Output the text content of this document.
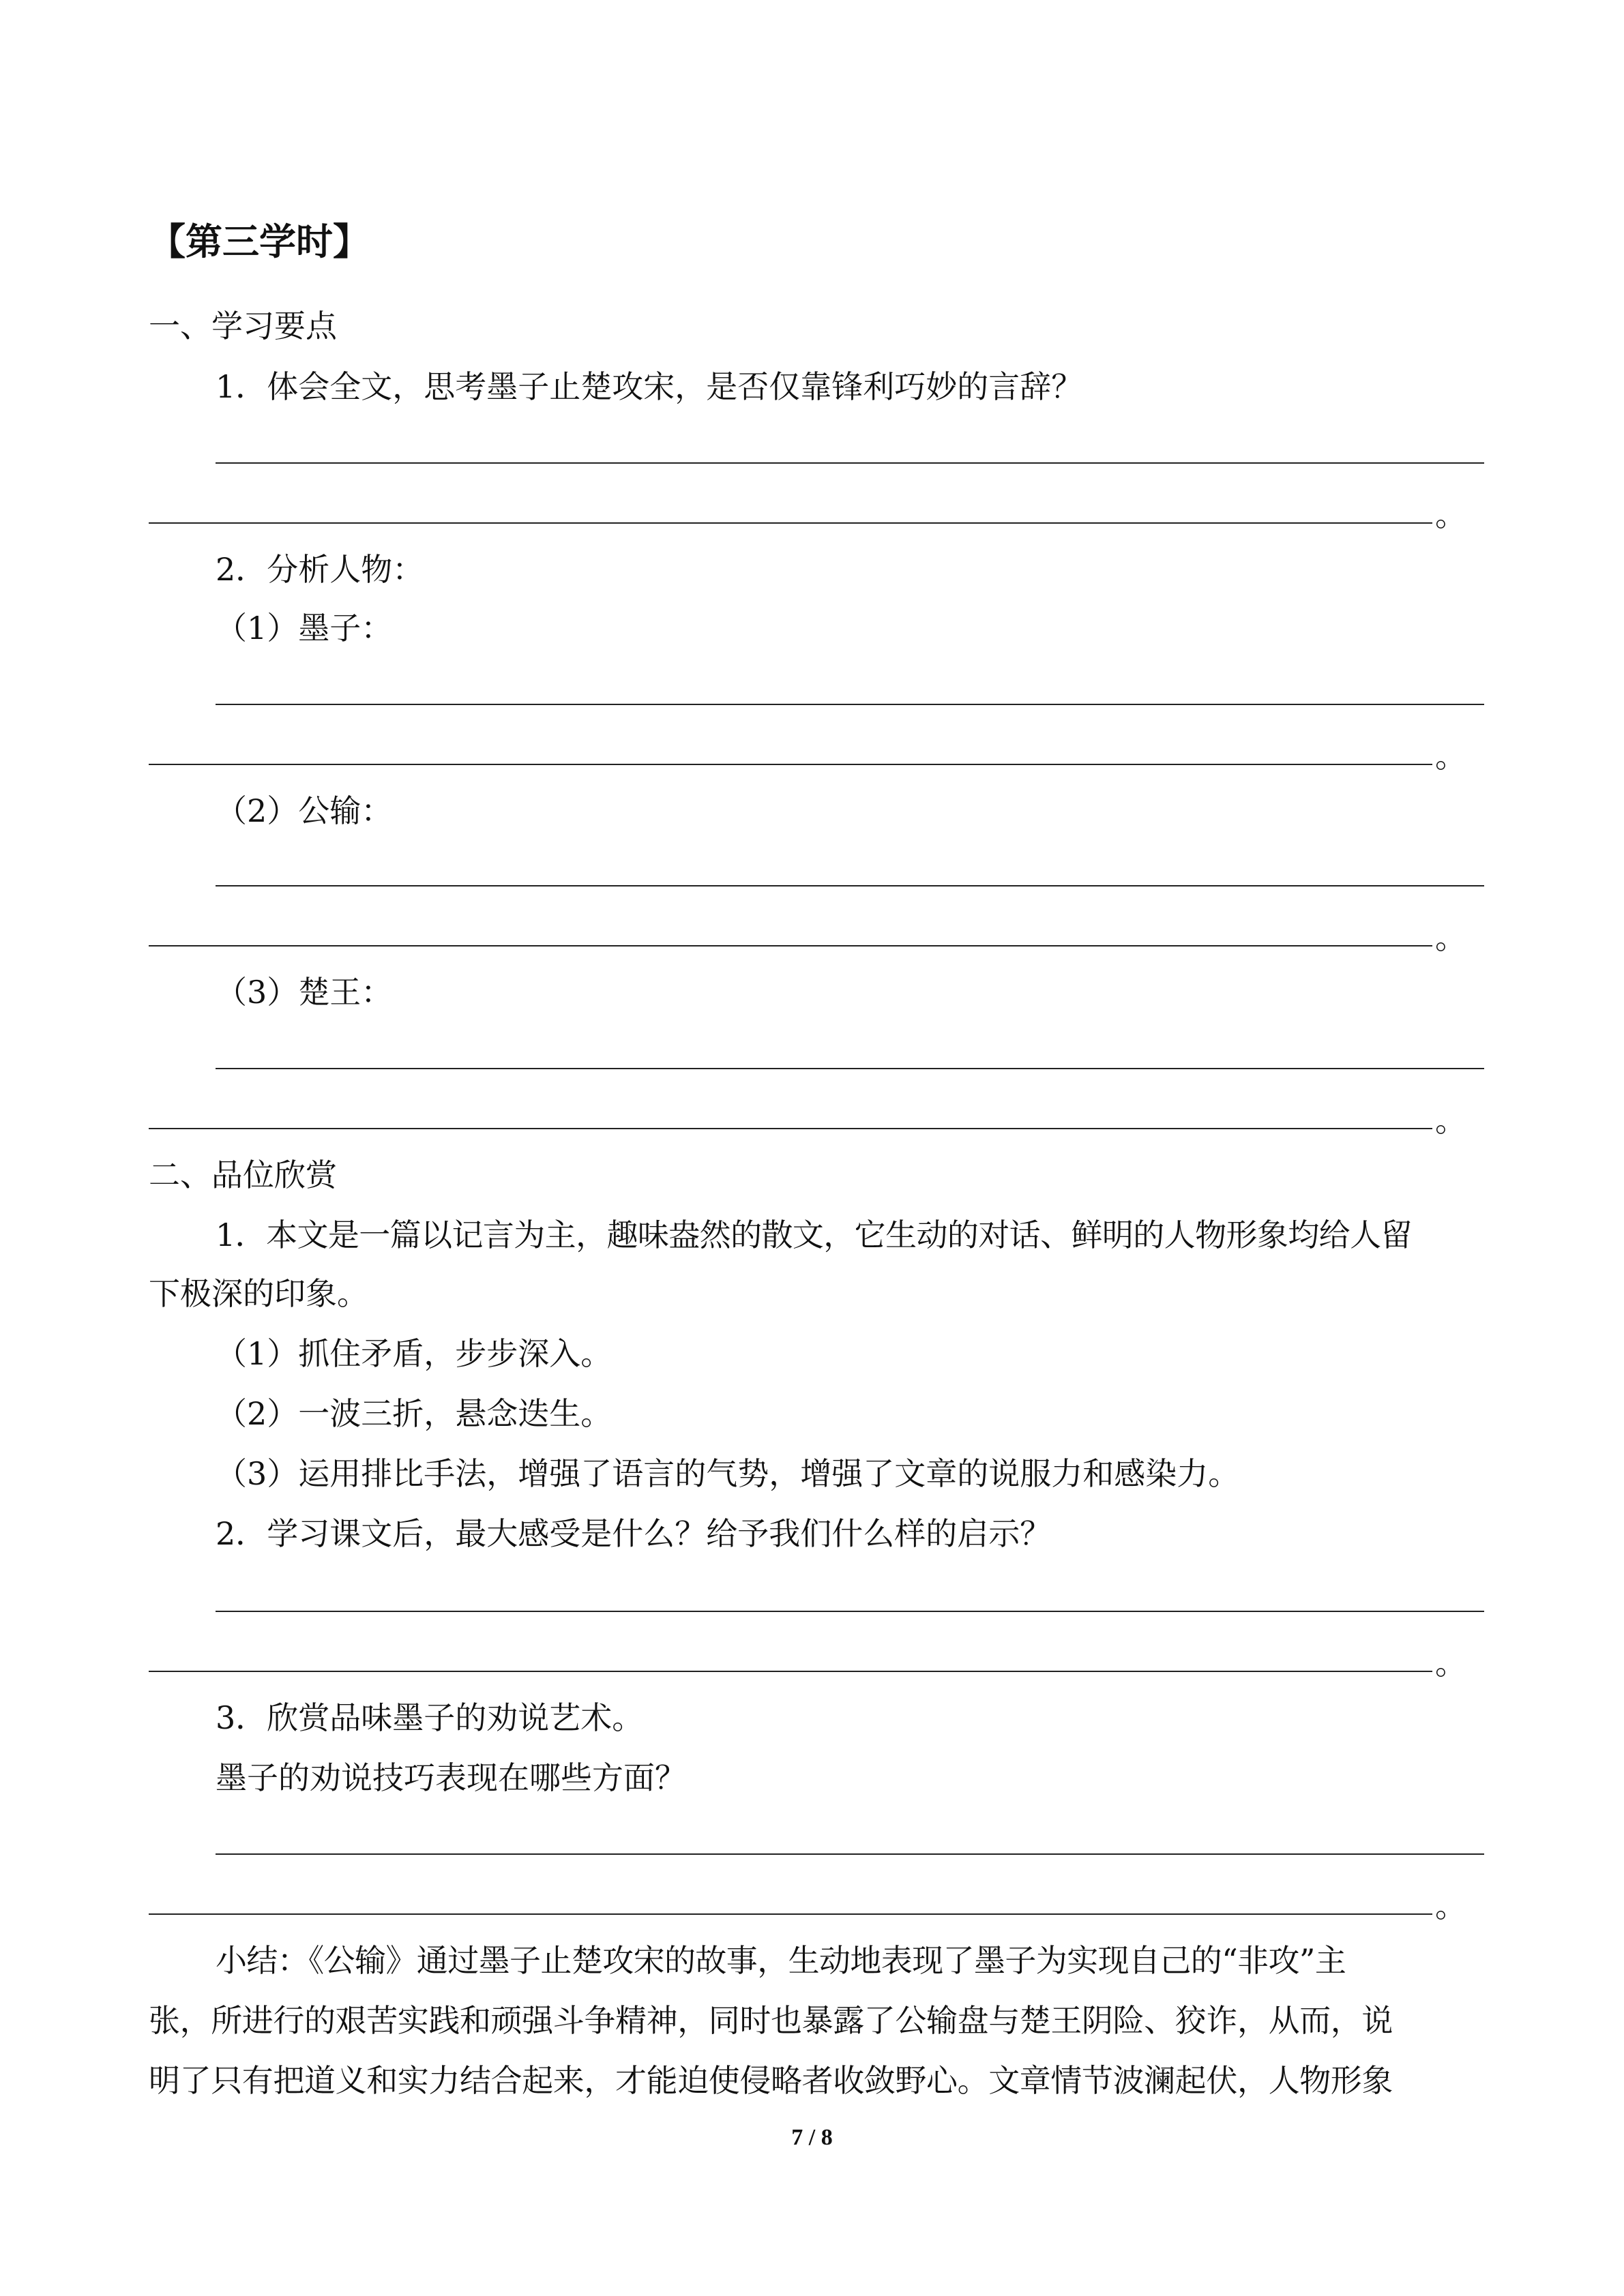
【第三学时】
一、学习要点
1．体会全文，思考墨子止楚攻宋，是否仅靠锋利巧妙的言辞？
。
2．分析人物：
（1）墨子：
。
（2）公输：
。
（3）楚王：
。
二、品位欣赏
1．本文是一篇以记言为主，趣味盎然的散文，它生动的对话、鲜明的人物形象均给人留
下极深的印象。
（1）抓住矛盾，步步深入。
（2）一波三折，悬念迭生。
（3）运用排比手法，增强了语言的气势，增强了文章的说服力和感染力。
2．学习课文后，最大感受是什么？给予我们什么样的启示？
。
3．欣赏品味墨子的劝说艺术。
墨子的劝说技巧表现在哪些方面？
。
小结：《公输》通过墨子止楚攻宋的故事，生动地表现了墨子为实现自己的“非攻”主
张，所进行的艰苦实践和顽强斗争精神，同时也暴露了公输盘与楚王阴险、狡诈，从而，说
明了只有把道义和实力结合起来，才能迫使侵略者收敛野心。文章情节波澜起伏，人物形象
7 / 8
